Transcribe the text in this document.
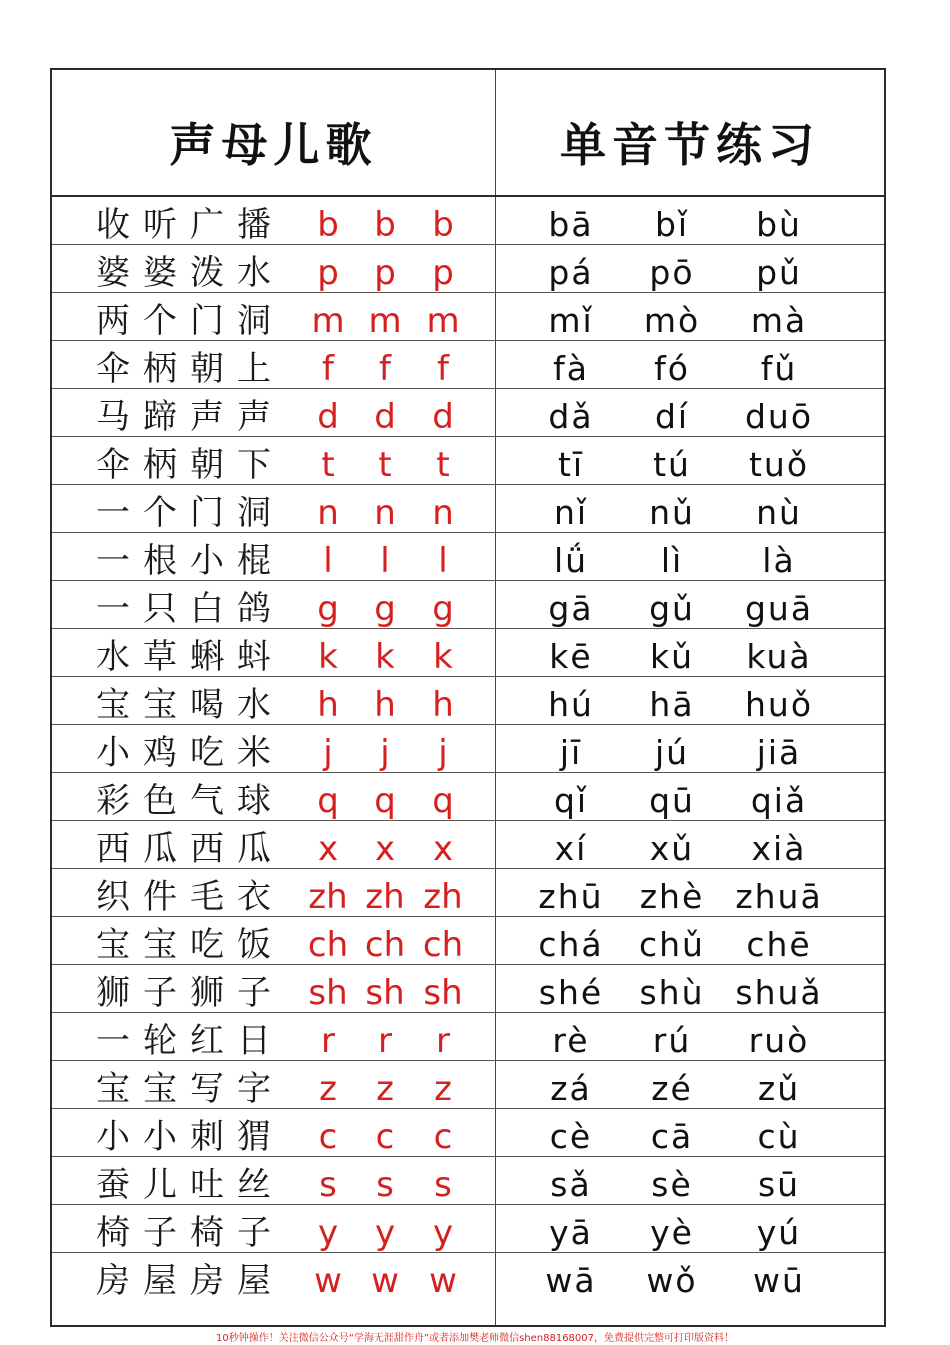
声母儿歌	单音节练习
收听广播 b	b	b	bā	bǐ	bù
婆婆泼水 p	p	p	pá	pō	pǔ
两个门洞 m m m	mǐ	mò	mà
伞柄朝上	f	f	f	fà	fó	fǔ
马蹄声声 d	d	d	dǎ	dí	duō
伞柄朝下	t	t	t	tī	tú	tuǒ
一个门洞 n	n	n	nǐ	nǔ	nù
一根小棍	l	l	l	lǘ	lì	là
一只白鸽 g	g	g	gā	gǔ	guā
水草蝌蚪	k	k	k	kē	kǔ	kuà
宝宝喝水 h	h	h	hú	hā	huǒ
小鸡吃米	j	j	j	jī	jú	jiā
彩色气球 q	q	q	qǐ	qū	qiǎ
西瓜西瓜 x	x	x	xí	xǔ	xià
织件毛衣 zh zh zh	zhū	zhè zhuā
宝宝吃饭 ch ch ch	chá	chǔ	chē
狮子狮子 sh sh sh	shé	shù shuǎ
一轮红日	r	r	r	rè	rú	ruò
宝宝写字	z	z	z	zá	zé	zǔ
小小刺猬	c	c	c	cè	cā	cù
蚕儿吐丝	s	s	s	sǎ	sè	sū
椅子椅子 y	y	y	yā	yè	yú
房屋房屋 w w w	wā	wǒ	wū
10秒钟操作！关注微信公众号“学海无涯甜作舟”或者添加樊老师微信shen88168007，免费提供完整可打印版资料！
